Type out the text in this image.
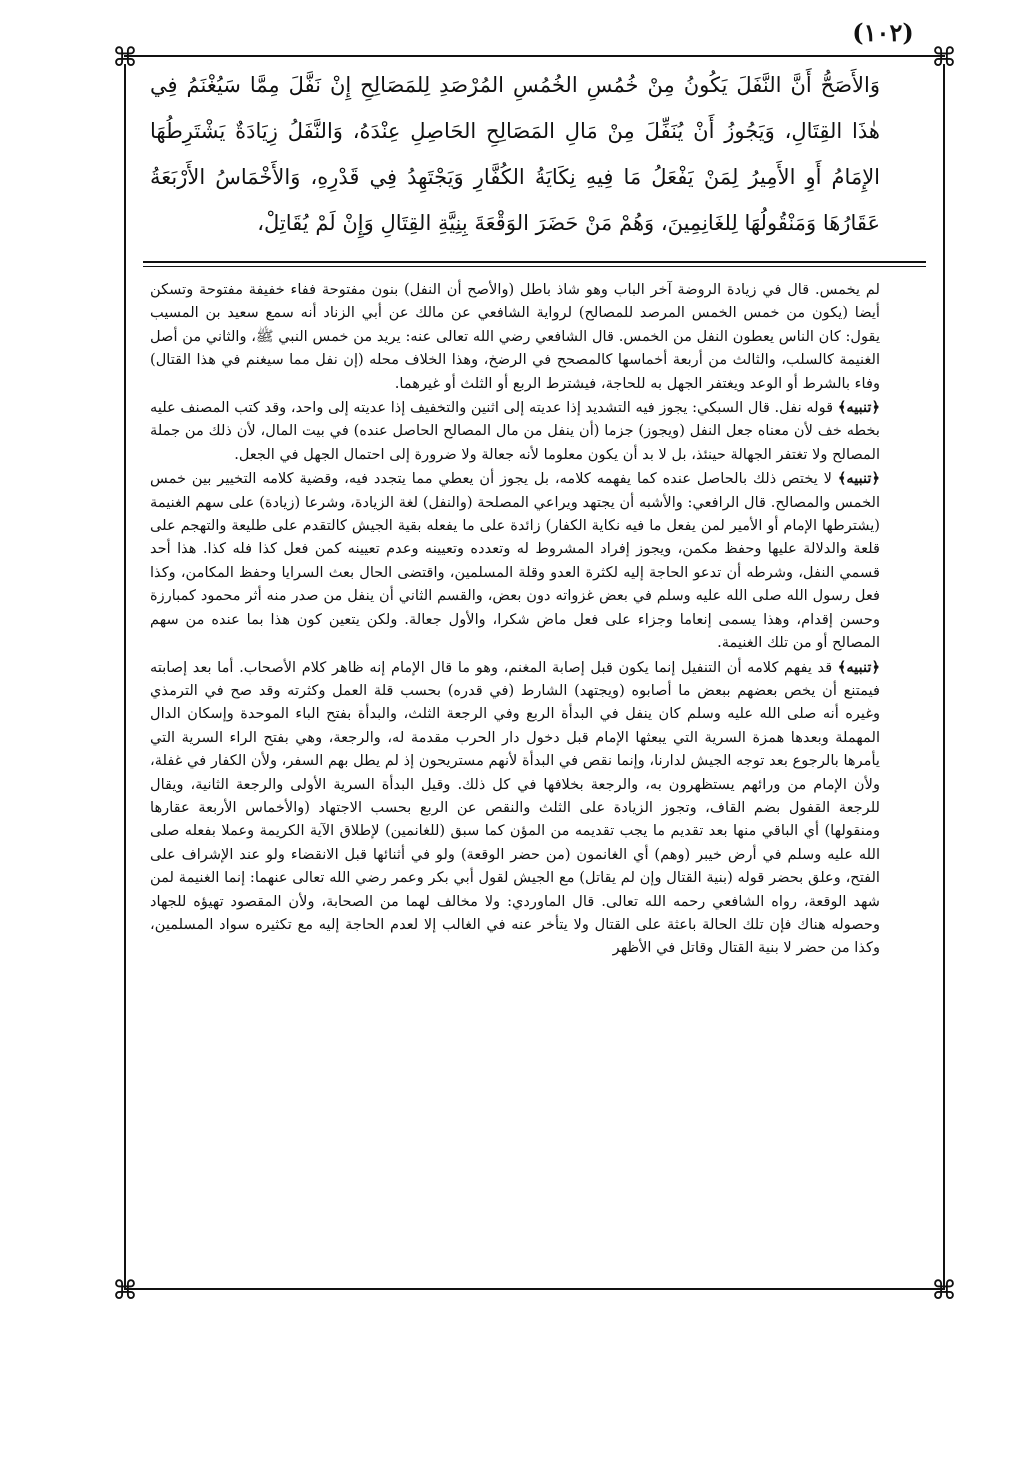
(١٠٢)
⌘	⌘
⌘	⌘
وَالأَصَحُّ أَنَّ النَّفَلَ يَكُونُ مِنْ خُمُسِ الخُمُسِ المُرْصَدِ لِلمَصَالِحِ إِنْ نَفَّلَ مِمَّا سَيُغْنَمُ فِي هٰذَا القِتَالِ، وَيَجُوزُ أَنْ يُنَفِّلَ مِنْ مَالِ المَصَالِحِ الحَاصِلِ عِنْدَهُ، وَالنَّفَلُ زِيَادَةٌ يَشْتَرِطُهَا الإِمَامُ أَوِ الأَمِيرُ لِمَنْ يَفْعَلُ مَا فِيهِ نِكَايَةُ الكُفَّارِ وَيَجْتَهِدُ فِي قَدْرِهِ، وَالأَخْمَاسُ الأَرْبَعَةُ عَقَارُهَا وَمَنْقُولُهَا لِلغَانِمِينَ، وَهُمْ مَنْ حَضَرَ الوَقْعَةَ بِنِيَّةِ القِتَالِ وَإِنْ لَمْ يُقَاتِلْ،

لم يخمس. قال في زيادة الروضة آخر الباب وهو شاذ باطل (والأصح أن النفل) بنون مفتوحة ففاء خفيفة مفتوحة وتسكن أيضا (يكون من خمس الخمس المرصد للمصالح) لرواية الشافعي عن مالك عن أبي الزناد أنه سمع سعيد بن المسيب يقول: كان الناس يعطون النفل من الخمس. قال الشافعي رضي الله تعالى عنه: يريد من خمس النبي ﷺ، والثاني من أصل الغنيمة كالسلب، والثالث من أربعة أخماسها كالمصحح في الرضخ، وهذا الخلاف محله (إن نفل مما سيغنم في هذا القتال) وفاء بالشرط أو الوعد ويغتفر الجهل به للحاجة، فيشترط الربع أو الثلث أو غيرهما.

﴿تنبيه﴾ قوله نفل. قال السبكي: يجوز فيه التشديد إذا عديته إلى اثنين والتخفيف إذا عديته إلى واحد، وقد كتب المصنف عليه بخطه خف لأن معناه جعل النفل (ويجوز) جزما (أن ينفل من مال المصالح الحاصل عنده) في بيت المال، لأن ذلك من جملة المصالح ولا تغتفر الجهالة حينئذ، بل لا بد أن يكون معلوما لأنه جعالة ولا ضرورة إلى احتمال الجهل في الجعل.

﴿تنبيه﴾ لا يختص ذلك بالحاصل عنده كما يفهمه كلامه، بل يجوز أن يعطي مما يتجدد فيه، وقضية كلامه التخيير بين خمس الخمس والمصالح. قال الرافعي: والأشبه أن يجتهد ويراعي المصلحة (والنفل) لغة الزيادة، وشرعا (زيادة) على سهم الغنيمة (يشترطها الإمام أو الأمير لمن يفعل ما فيه نكاية الكفار) زائدة على ما يفعله بقية الجيش كالتقدم على طليعة والتهجم على قلعة والدلالة عليها وحفظ مكمن، ويجوز إفراد المشروط له وتعدده وتعيينه وعدم تعيينه كمن فعل كذا فله كذا. هذا أحد قسمي النفل، وشرطه أن تدعو الحاجة إليه لكثرة العدو وقلة المسلمين، واقتضى الحال بعث السرايا وحفظ المكامن، وكذا فعل رسول الله صلى الله عليه وسلم في بعض غزواته دون بعض، والقسم الثاني أن ينفل من صدر منه أثر محمود كمبارزة وحسن إقدام، وهذا يسمى إنعاما وجزاء على فعل ماض شكرا، والأول جعالة. ولكن يتعين كون هذا بما عنده من سهم المصالح أو من تلك الغنيمة.

﴿تنبيه﴾ قد يفهم كلامه أن التنفيل إنما يكون قبل إصابة المغنم، وهو ما قال الإمام إنه ظاهر كلام الأصحاب. أما بعد إصابته فيمتنع أن يخص بعضهم ببعض ما أصابوه (ويجتهد) الشارط (في قدره) بحسب قلة العمل وكثرته وقد صح في الترمذي وغيره أنه صلى الله عليه وسلم كان ينفل في البدأة الربع وفي الرجعة الثلث، والبدأة بفتح الباء الموحدة وإسكان الدال المهملة وبعدها همزة السرية التي يبعثها الإمام قبل دخول دار الحرب مقدمة له، والرجعة، وهي بفتح الراء السرية التي يأمرها بالرجوع بعد توجه الجيش لدارنا، وإنما نقص في البدأة لأنهم مستريحون إذ لم يطل بهم السفر، ولأن الكفار في غفلة، ولأن الإمام من ورائهم يستظهرون به، والرجعة بخلافها في كل ذلك. وقيل البدأة السرية الأولى والرجعة الثانية، ويقال للرجعة القفول بضم القاف، وتجوز الزيادة على الثلث والنقص عن الربع بحسب الاجتهاد (والأخماس الأربعة عقارها ومنقولها) أي الباقي منها بعد تقديم ما يجب تقديمه من المؤن كما سبق (للغانمين) لإطلاق الآية الكريمة وعملا بفعله صلى الله عليه وسلم في أرض خيبر (وهم) أي الغانمون (من حضر الوقعة) ولو في أثنائها قبل الانقضاء ولو عند الإشراف على الفتح، وعلق بحضر قوله (بنية القتال وإن لم يقاتل) مع الجيش لقول أبي بكر وعمر رضي الله تعالى عنهما: إنما الغنيمة لمن شهد الوقعة، رواه الشافعي رحمه الله تعالى. قال الماوردي: ولا مخالف لهما من الصحابة، ولأن المقصود تهيؤه للجهاد وحصوله هناك فإن تلك الحالة باعثة على القتال ولا يتأخر عنه في الغالب إلا لعدم الحاجة إليه مع تكثيره سواد المسلمين، وكذا من حضر لا بنية القتال وقاتل في الأظهر
